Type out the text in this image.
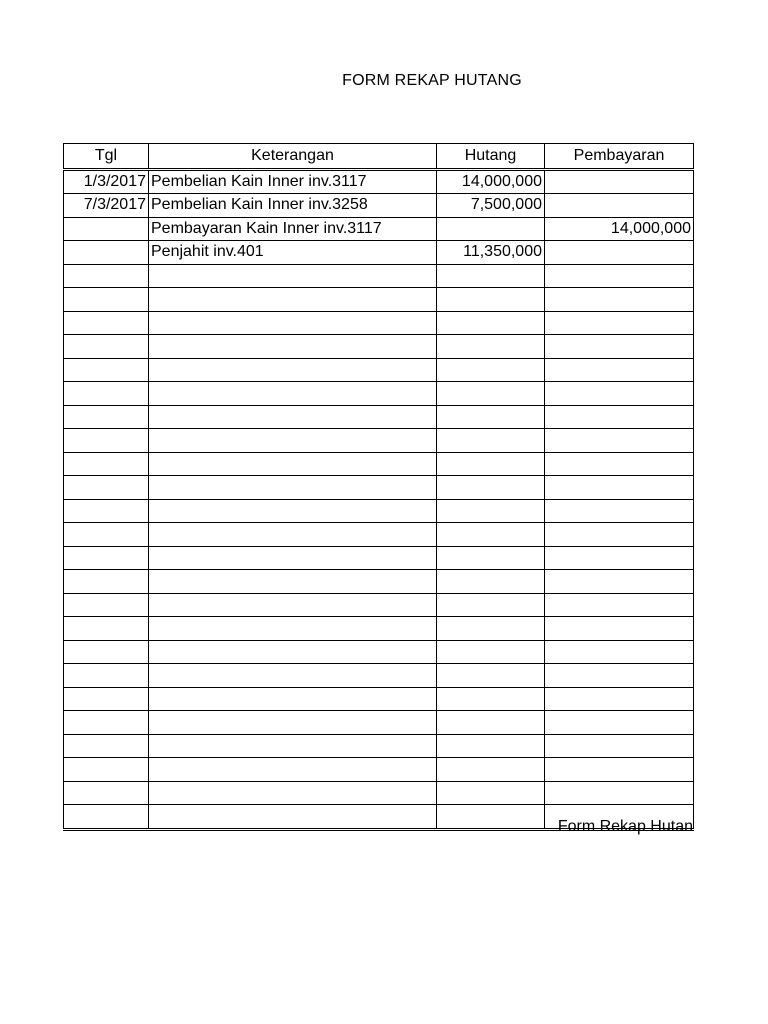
FORM REKAP HUTANG
Tgl	Keterangan	Hutang	Pembayaran
1/3/2017	Pembelian Kain Inner inv.3117	14,000,000	
7/3/2017	Pembelian Kain Inner inv.3258	7,500,000	
	Pembayaran Kain Inner inv.3117		14,000,000
	Penjahit inv.401	11,350,000	

Form Rekap Hutan
